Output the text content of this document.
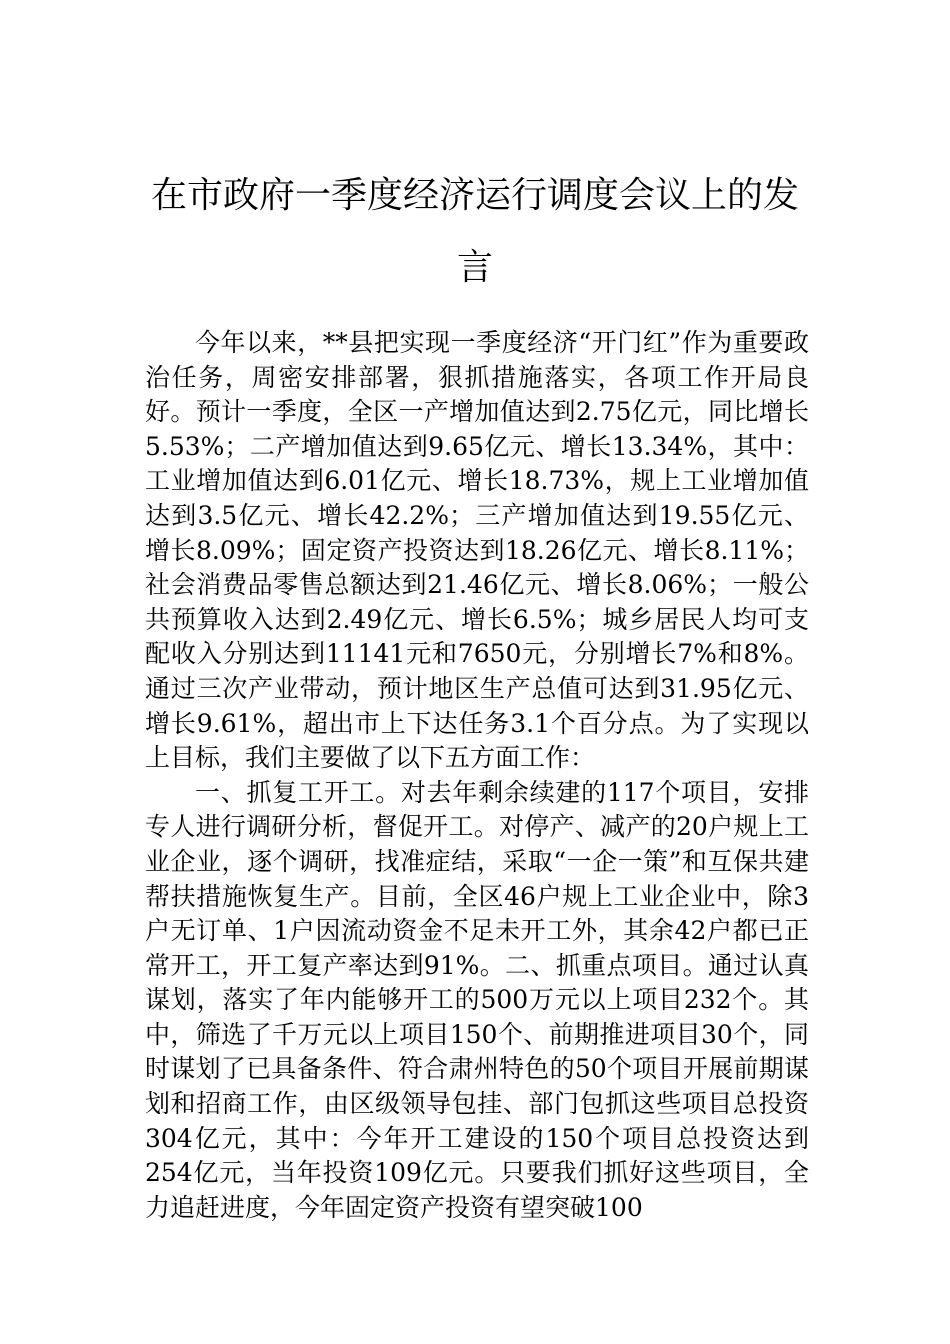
在市政府一季度经济运行调度会议上的发言

今年以来，**县把实现一季度经济“开门红”作为重要政治任务，周密安排部署，狠抓措施落实，各项工作开局良好。预计一季度，全区一产增加值达到2.75亿元，同比增长5.53%；二产增加值达到9.65亿元、增长13.34%，其中：工业增加值达到6.01亿元、增长18.73%，规上工业增加值达到3.5亿元、增长42.2%；三产增加值达到19.55亿元、增长8.09%；固定资产投资达到18.26亿元、增长8.11%；社会消费品零售总额达到21.46亿元、增长8.06%；一般公共预算收入达到2.49亿元、增长6.5%；城乡居民人均可支配收入分别达到11141元和7650元，分别增长7%和8%。通过三次产业带动，预计地区生产总值可达到31.95亿元、增长9.61%，超出市上下达任务3.1个百分点。为了实现以上目标，我们主要做了以下五方面工作：

一、抓复工开工。对去年剩余续建的117个项目，安排专人进行调研分析，督促开工。对停产、减产的20户规上工业企业，逐个调研，找准症结，采取“一企一策”和互保共建帮扶措施恢复生产。目前，全区46户规上工业企业中，除3户无订单、1户因流动资金不足未开工外，其余42户都已正常开工，开工复产率达到91%。二、抓重点项目。通过认真谋划，落实了年内能够开工的500万元以上项目232个。其中，筛选了千万元以上项目150个、前期推进项目30个，同时谋划了已具备条件、符合肃州特色的50个项目开展前期谋划和招商工作，由区级领导包挂、部门包抓这些项目总投资304亿元，其中：今年开工建设的150个项目总投资达到254亿元，当年投资109亿元。只要我们抓好这些项目，全力追赶进度，今年固定资产投资有望突破100
